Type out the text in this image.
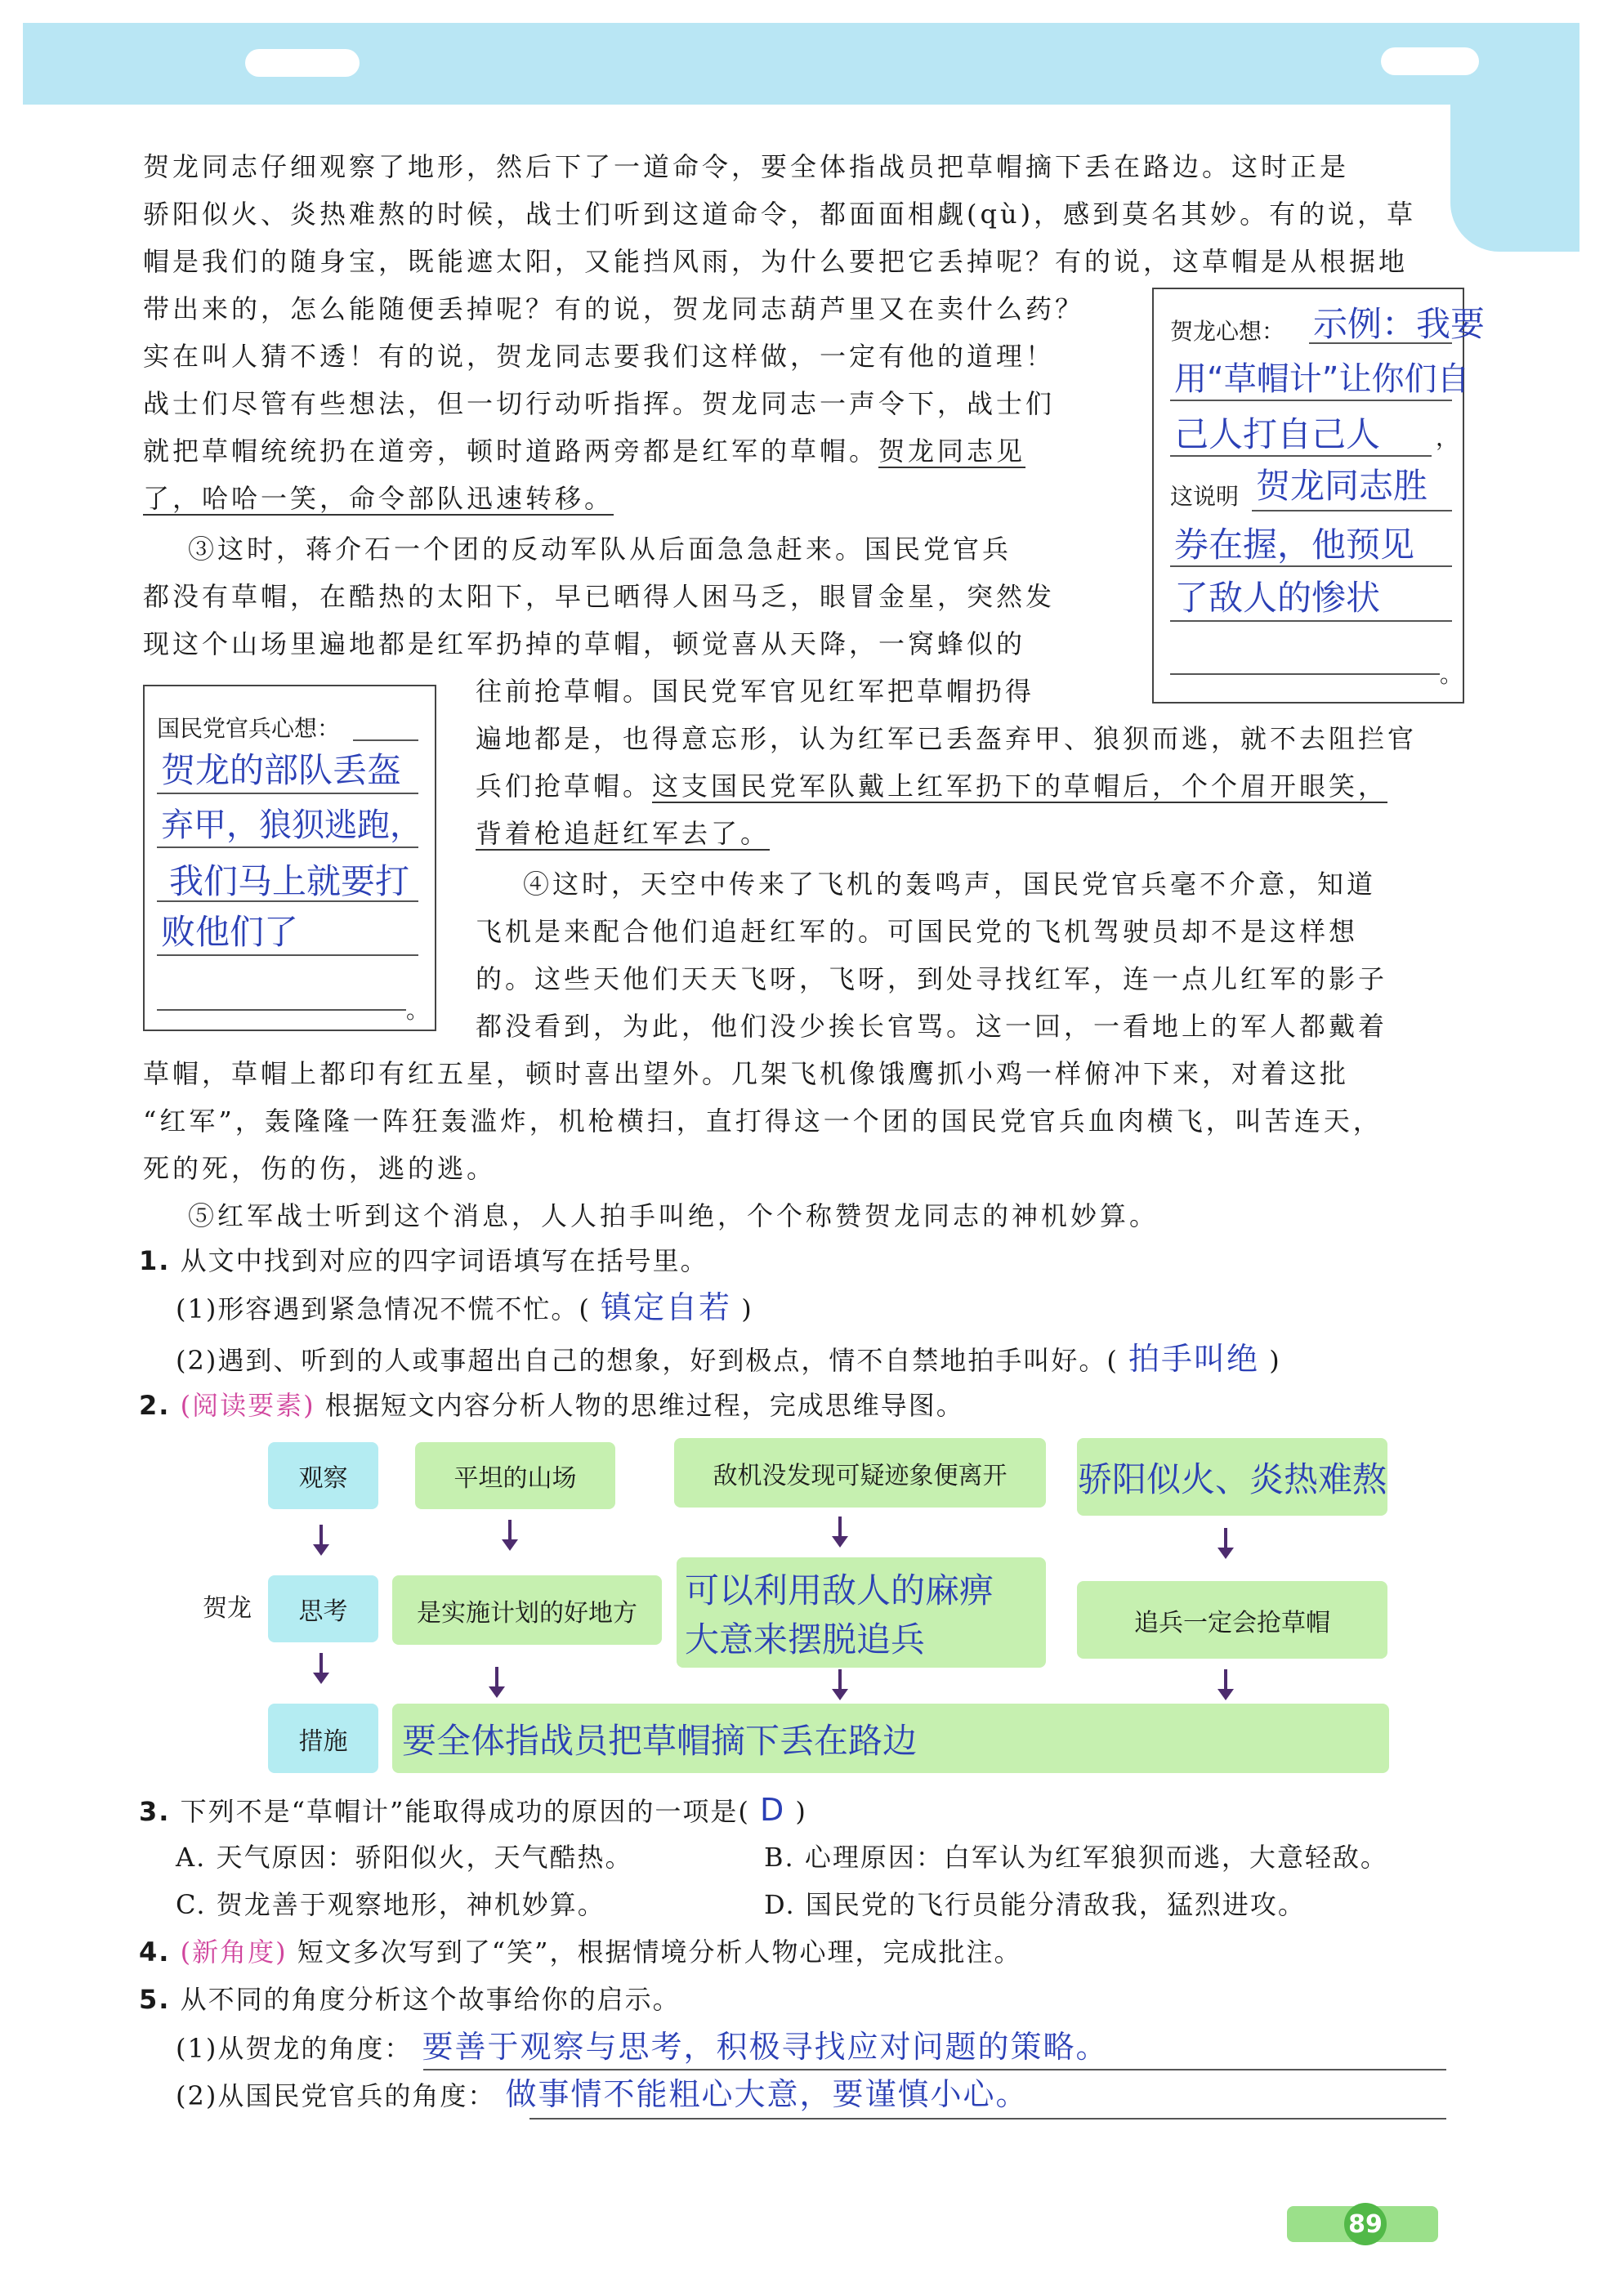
贺龙同志仔细观察了地形，然后下了一道命令，要全体指战员把草帽摘下丢在路边。这时正是
骄阳似火、炎热难熬的时候，战士们听到这道命令，都面面相觑(qù)，感到莫名其妙。有的说，草
帽是我们的随身宝，既能遮太阳，又能挡风雨，为什么要把它丢掉呢？有的说，这草帽是从根据地
带出来的，怎么能随便丢掉呢？有的说，贺龙同志葫芦里又在卖什么药？
实在叫人猜不透！有的说，贺龙同志要我们这样做，一定有他的道理！
战士们尽管有些想法，但一切行动听指挥。贺龙同志一声令下，战士们
就把草帽统统扔在道旁，顿时道路两旁都是红军的草帽。贺龙同志见
了，哈哈一笑，命令部队迅速转移。
③这时，蒋介石一个团的反动军队从后面急急赶来。国民党官兵
都没有草帽，在酷热的太阳下，早已晒得人困马乏，眼冒金星，突然发
现这个山场里遍地都是红军扔掉的草帽，顿觉喜从天降，一窝蜂似的
往前抢草帽。国民党军官见红军把草帽扔得
遍地都是，也得意忘形，认为红军已丢盔弃甲、狼狈而逃，就不去阻拦官
兵们抢草帽。这支国民党军队戴上红军扔下的草帽后，个个眉开眼笑，
背着枪追赶红军去了。
④这时，天空中传来了飞机的轰鸣声，国民党官兵毫不介意，知道
飞机是来配合他们追赶红军的。可国民党的飞机驾驶员却不是这样想
的。这些天他们天天飞呀，飞呀，到处寻找红军，连一点儿红军的影子
都没看到，为此，他们没少挨长官骂。这一回，一看地上的军人都戴着
草帽，草帽上都印有红五星，顿时喜出望外。几架飞机像饿鹰抓小鸡一样俯冲下来，对着这批
“红军”，轰隆隆一阵狂轰滥炸，机枪横扫，直打得这一个团的国民党官兵血肉横飞，叫苦连天，
死的死，伤的伤，逃的逃。
⑤红军战士听到这个消息，人人拍手叫绝，个个称赞贺龙同志的神机妙算。
贺龙心想： 示例：我要
用“草帽计”让你们自
己人打自己人 ，
这说明 贺龙同志胜
券在握，他预见
了敌人的惨状
。
国民党官兵心想：
贺龙的部队丢盔
弃甲，狼狈逃跑，
我们马上就要打
败他们了
。
1. 从文中找到对应的四字词语填写在括号里。
(1)形容遇到紧急情况不慌不忙。( 镇定自若 )
(2)遇到、听到的人或事超出自己的想象，好到极点，情不自禁地拍手叫好。( 拍手叫绝 )
2. (阅读要素) 根据短文内容分析人物的思维过程，完成思维导图。
观察	平坦的山场	敌机没发现可疑迹象便离开	骄阳似火、炎热难熬
贺龙	思考	是实施计划的好地方
可以利用敌人的麻痹
大意来摆脱追兵	追兵一定会抢草帽
措施	要全体指战员把草帽摘下丢在路边
3. 下列不是“草帽计”能取得成功的原因的一项是( D )
A. 天气原因：骄阳似火，天气酷热。	B. 心理原因：白军认为红军狼狈而逃，大意轻敌。
C. 贺龙善于观察地形，神机妙算。	D. 国民党的飞行员能分清敌我，猛烈进攻。
4. (新角度) 短文多次写到了“笑”，根据情境分析人物心理，完成批注。
5. 从不同的角度分析这个故事给你的启示。
(1)从贺龙的角度： 要善于观察与思考，积极寻找应对问题的策略。
(2)从国民党官兵的角度： 做事情不能粗心大意，要谨慎小心。
89
